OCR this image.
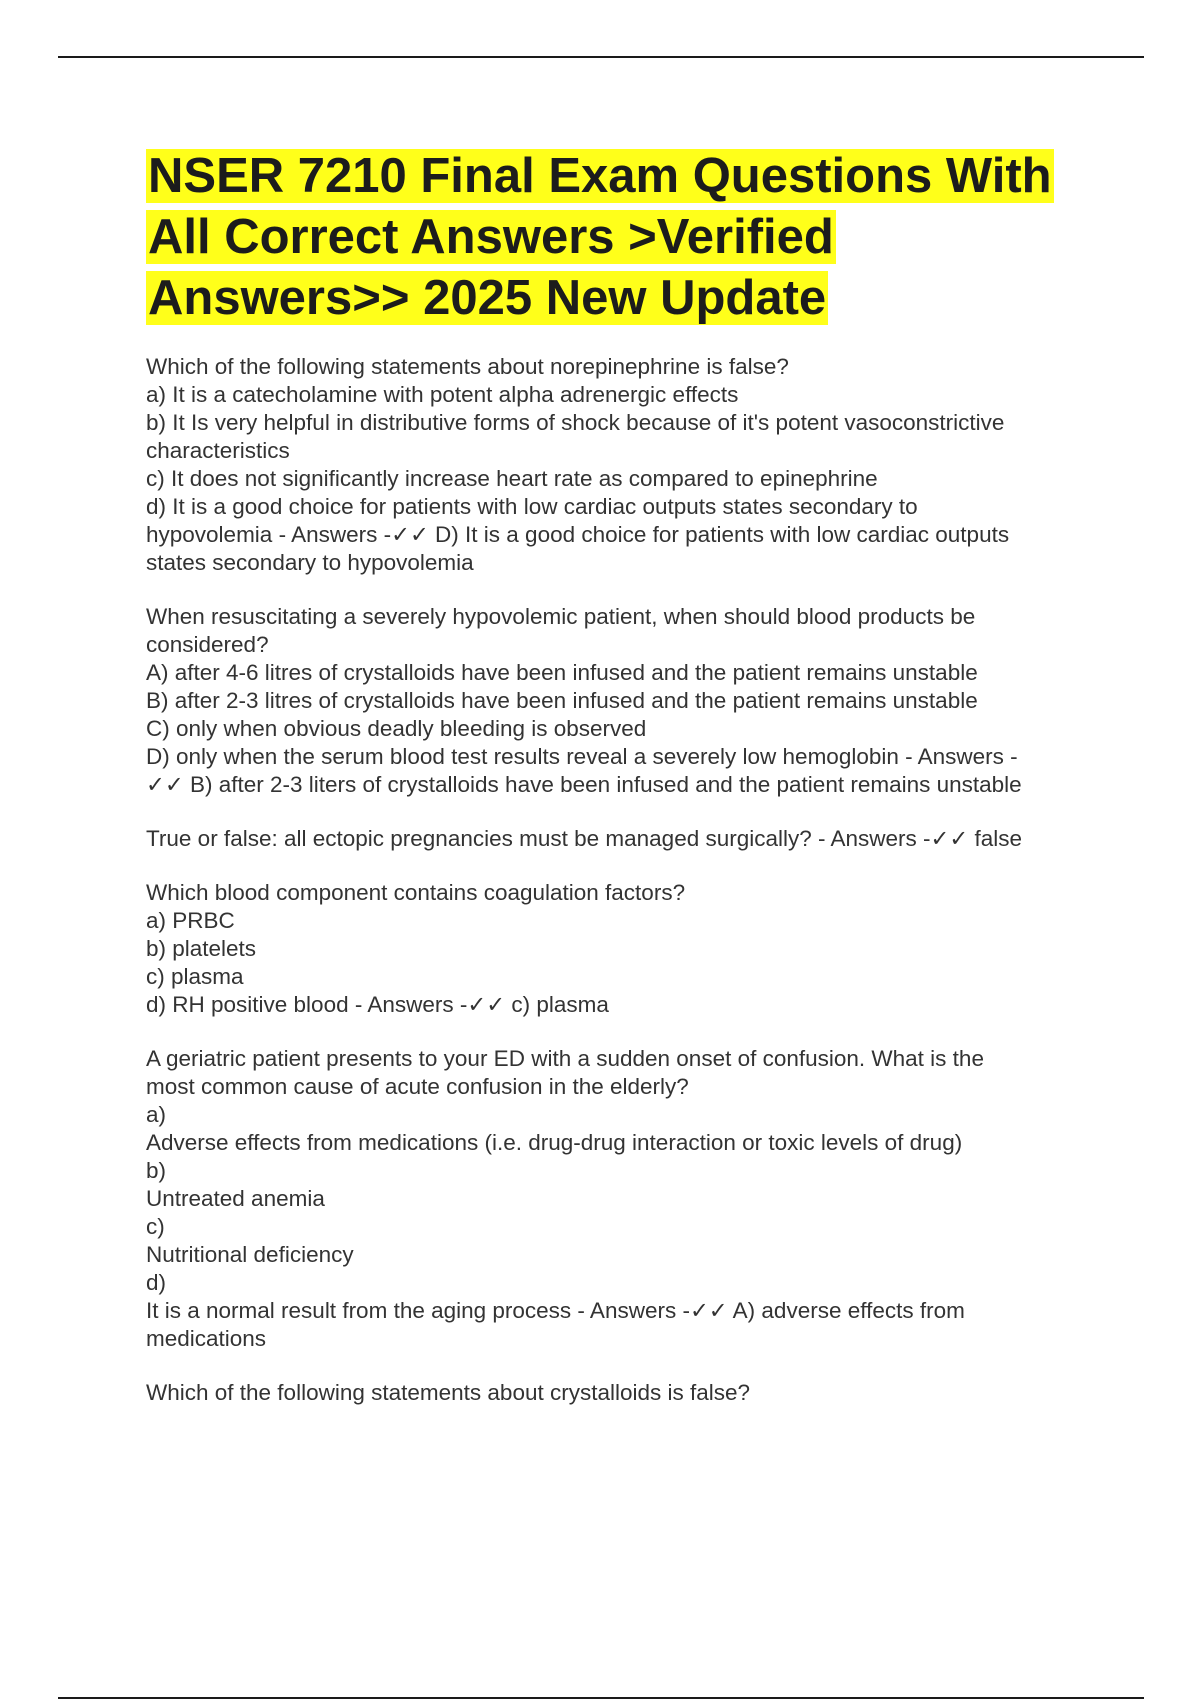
NSER 7210 Final Exam Questions With All Correct Answers >Verified Answers>> 2025 New Update
Which of the following statements about norepinephrine is false?
a) It is a catecholamine with potent alpha adrenergic effects
b) It Is very helpful in distributive forms of shock because of it's potent vasoconstrictive
characteristics
c) It does not significantly increase heart rate as compared to epinephrine
d) It is a good choice for patients with low cardiac outputs states secondary to
hypovolemia - Answers -✓✓ D) It is a good choice for patients with low cardiac outputs
states secondary to hypovolemia
When resuscitating a severely hypovolemic patient, when should blood products be
considered?
A) after 4-6 litres of crystalloids have been infused and the patient remains unstable
B) after 2-3 litres of crystalloids have been infused and the patient remains unstable
C) only when obvious deadly bleeding is observed
D) only when the serum blood test results reveal a severely low hemoglobin - Answers -
✓✓ B) after 2-3 liters of crystalloids have been infused and the patient remains unstable
True or false: all ectopic pregnancies must be managed surgically? - Answers -✓✓ false
Which blood component contains coagulation factors?
a) PRBC
b) platelets
c) plasma
d) RH positive blood - Answers -✓✓ c) plasma
A geriatric patient presents to your ED with a sudden onset of confusion. What is the
most common cause of acute confusion in the elderly?
a)
Adverse effects from medications (i.e. drug-drug interaction or toxic levels of drug)
b)
Untreated anemia
c)
Nutritional deficiency
d)
It is a normal result from the aging process - Answers -✓✓ A) adverse effects from
medications
Which of the following statements about crystalloids is false?
